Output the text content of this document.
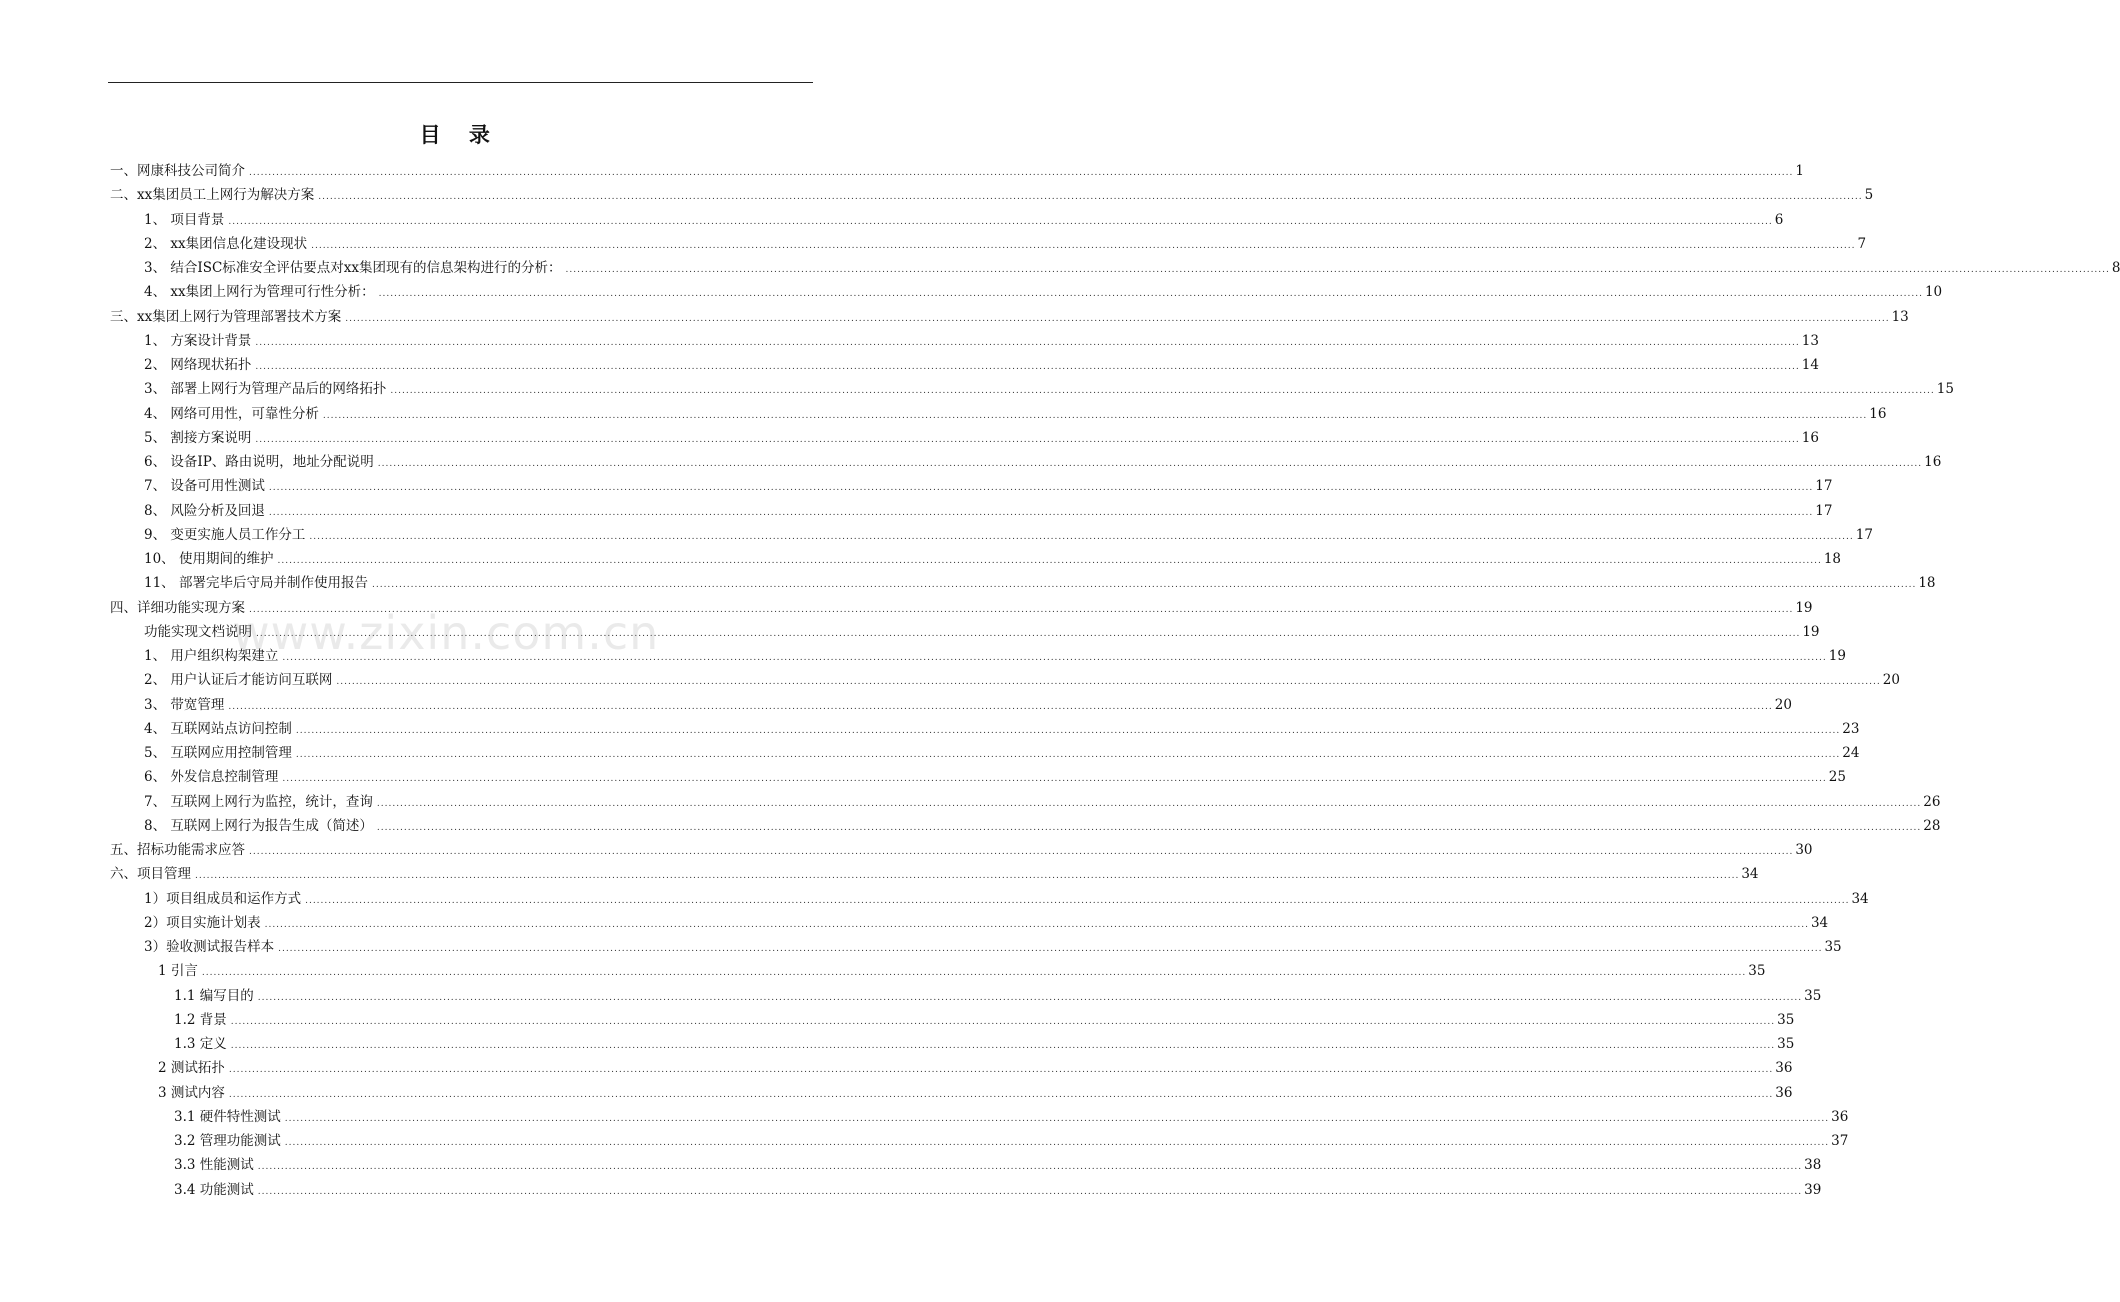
目 录
一、网康科技公司简介 ................................................................................................................................................................................................................................................................................................................................................................................................................ 1
二、xx集团员工上网行为解决方案 ................................................................................................................................................................................................................................................................................................................................................................................................................ 5
1、 项目背景 ................................................................................................................................................................................................................................................................................................................................................................................................................ 6
2、 xx集团信息化建设现状 ................................................................................................................................................................................................................................................................................................................................................................................................................ 7
3、 结合ISC标准安全评估要点对xx集团现有的信息架构进行的分析： ................................................................................................................................................................................................................................................................................................................................................................................................................ 8
4、 xx集团上网行为管理可行性分析： ................................................................................................................................................................................................................................................................................................................................................................................................................ 10
三、xx集团上网行为管理部署技术方案 ................................................................................................................................................................................................................................................................................................................................................................................................................ 13
1、 方案设计背景 ................................................................................................................................................................................................................................................................................................................................................................................................................ 13
2、 网络现状拓扑 ................................................................................................................................................................................................................................................................................................................................................................................................................ 14
3、 部署上网行为管理产品后的网络拓扑 ................................................................................................................................................................................................................................................................................................................................................................................................................ 15
4、 网络可用性，可靠性分析 ................................................................................................................................................................................................................................................................................................................................................................................................................ 16
5、 割接方案说明 ................................................................................................................................................................................................................................................................................................................................................................................................................ 16
6、 设备IP、路由说明，地址分配说明 ................................................................................................................................................................................................................................................................................................................................................................................................................ 16
7、 设备可用性测试 ................................................................................................................................................................................................................................................................................................................................................................................................................ 17
8、 风险分析及回退 ................................................................................................................................................................................................................................................................................................................................................................................................................ 17
9、 变更实施人员工作分工 ................................................................................................................................................................................................................................................................................................................................................................................................................ 17
10、 使用期间的维护 ................................................................................................................................................................................................................................................................................................................................................................................................................ 18
11、 部署完毕后守局并制作使用报告 ................................................................................................................................................................................................................................................................................................................................................................................................................ 18
四、详细功能实现方案 ................................................................................................................................................................................................................................................................................................................................................................................................................ 19
功能实现文档说明 ................................................................................................................................................................................................................................................................................................................................................................................................................ 19
1、 用户组织构架建立 ................................................................................................................................................................................................................................................................................................................................................................................................................ 19
2、 用户认证后才能访问互联网 ................................................................................................................................................................................................................................................................................................................................................................................................................ 20
3、 带宽管理 ................................................................................................................................................................................................................................................................................................................................................................................................................ 20
4、 互联网站点访问控制 ................................................................................................................................................................................................................................................................................................................................................................................................................ 23
5、 互联网应用控制管理 ................................................................................................................................................................................................................................................................................................................................................................................................................ 24
6、 外发信息控制管理 ................................................................................................................................................................................................................................................................................................................................................................................................................ 25
7、 互联网上网行为监控，统计，查询 ................................................................................................................................................................................................................................................................................................................................................................................................................ 26
8、 互联网上网行为报告生成（简述） ................................................................................................................................................................................................................................................................................................................................................................................................................ 28
五、招标功能需求应答 ................................................................................................................................................................................................................................................................................................................................................................................................................ 30
六、项目管理 ................................................................................................................................................................................................................................................................................................................................................................................................................ 34
1）项目组成员和运作方式 ................................................................................................................................................................................................................................................................................................................................................................................................................ 34
2）项目实施计划表 ................................................................................................................................................................................................................................................................................................................................................................................................................ 34
3）验收测试报告样本 ................................................................................................................................................................................................................................................................................................................................................................................................................ 35
1 引言 ................................................................................................................................................................................................................................................................................................................................................................................................................ 35
1.1 编写目的 ................................................................................................................................................................................................................................................................................................................................................................................................................ 35
1.2 背景 ................................................................................................................................................................................................................................................................................................................................................................................................................ 35
1.3 定义 ................................................................................................................................................................................................................................................................................................................................................................................................................ 35
2 测试拓扑 ................................................................................................................................................................................................................................................................................................................................................................................................................ 36
3 测试内容 ................................................................................................................................................................................................................................................................................................................................................................................................................ 36
3.1 硬件特性测试 ................................................................................................................................................................................................................................................................................................................................................................................................................ 36
3.2 管理功能测试 ................................................................................................................................................................................................................................................................................................................................................................................................................ 37
3.3 性能测试 ................................................................................................................................................................................................................................................................................................................................................................................................................ 38
3.4 功能测试 ................................................................................................................................................................................................................................................................................................................................................................................................................ 39
www.zixin.com.cn
